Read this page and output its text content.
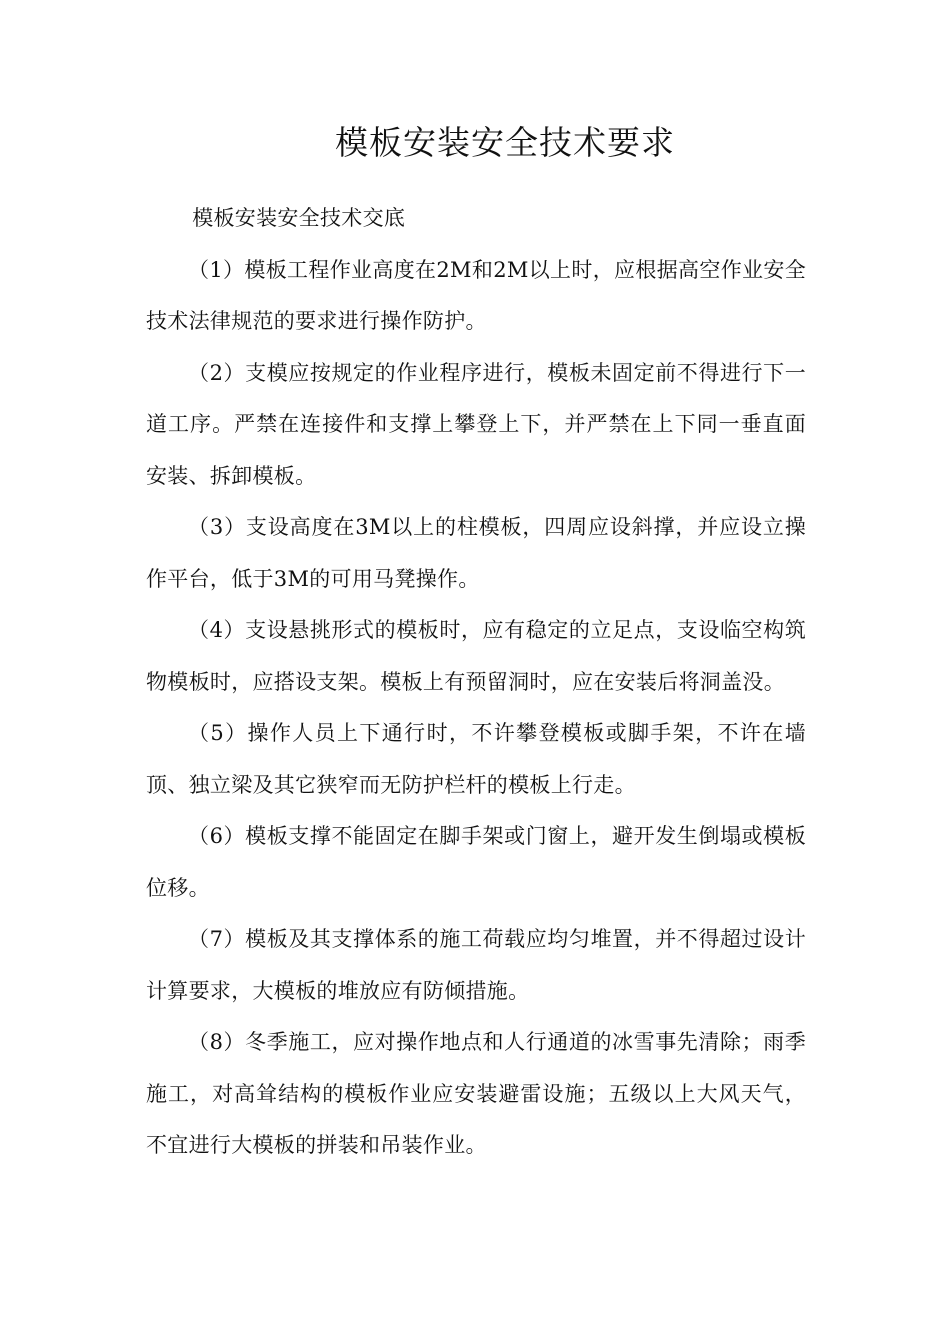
模板安装安全技术要求

模板安装安全技术交底

（1）模板工程作业高度在2M和2M以上时，应根据高空作业安全技术法律规范的要求进行操作防护。

（2）支模应按规定的作业程序进行，模板未固定前不得进行下一道工序。严禁在连接件和支撑上攀登上下，并严禁在上下同一垂直面安装、拆卸模板。

（3）支设高度在3M以上的柱模板，四周应设斜撑，并应设立操作平台，低于3M的可用马凳操作。

（4）支设悬挑形式的模板时，应有稳定的立足点，支设临空构筑物模板时，应搭设支架。模板上有预留洞时，应在安装后将洞盖没。

（5）操作人员上下通行时，不许攀登模板或脚手架，不许在墙顶、独立梁及其它狭窄而无防护栏杆的模板上行走。

（6）模板支撑不能固定在脚手架或门窗上，避开发生倒塌或模板位移。

（7）模板及其支撑体系的施工荷载应均匀堆置，并不得超过设计计算要求，大模板的堆放应有防倾措施。

（8）冬季施工，应对操作地点和人行通道的冰雪事先清除；雨季施工，对高耸结构的模板作业应安装避雷设施；五级以上大风天气，不宜进行大模板的拼装和吊装作业。
